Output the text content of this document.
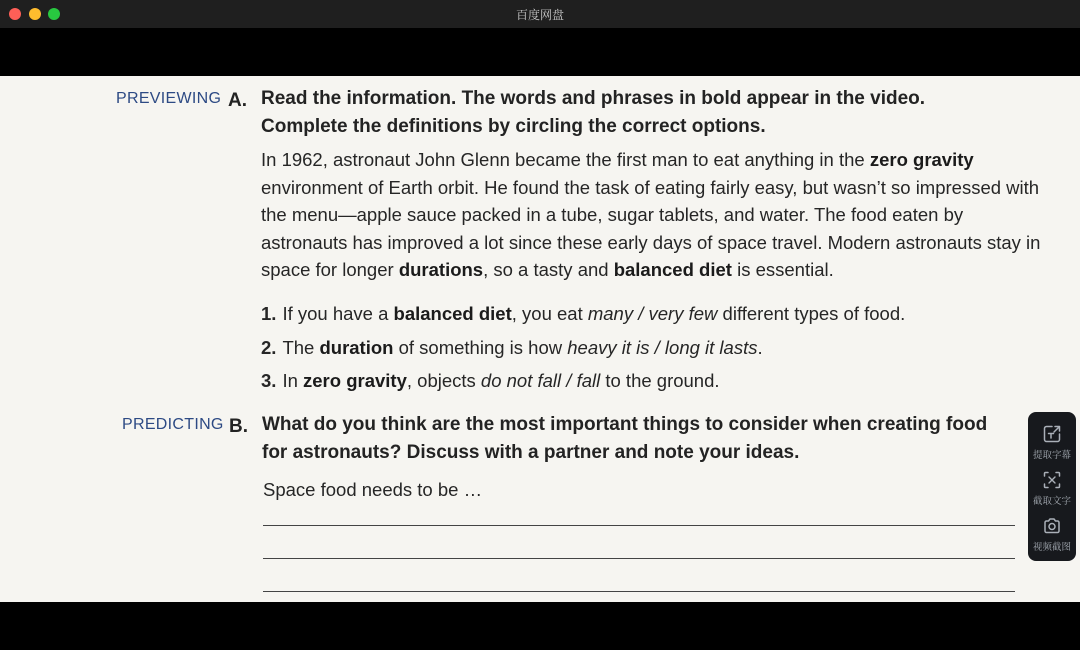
百度网盘
PREVIEWING A. Read the information. The words and phrases in bold appear in the video.
Complete the definitions by circling the correct options.
In 1962, astronaut John Glenn became the first man to eat anything in the zero gravity environment of Earth orbit. He found the task of eating fairly easy, but wasn’t so impressed with the menu—apple sauce packed in a tube, sugar tablets, and water. The food eaten by astronauts has improved a lot since these early days of space travel. Modern astronauts stay in space for longer durations, so a tasty and balanced diet is essential.
1. If you have a balanced diet, you eat many / very few different types of food.
2. The duration of something is how heavy it is / long it lasts.
3. In zero gravity, objects do not fall / fall to the ground.
PREDICTING B. What do you think are the most important things to consider when creating food
for astronauts? Discuss with a partner and note your ideas.
Space food needs to be …
提取字幕
截取文字
视频截图
